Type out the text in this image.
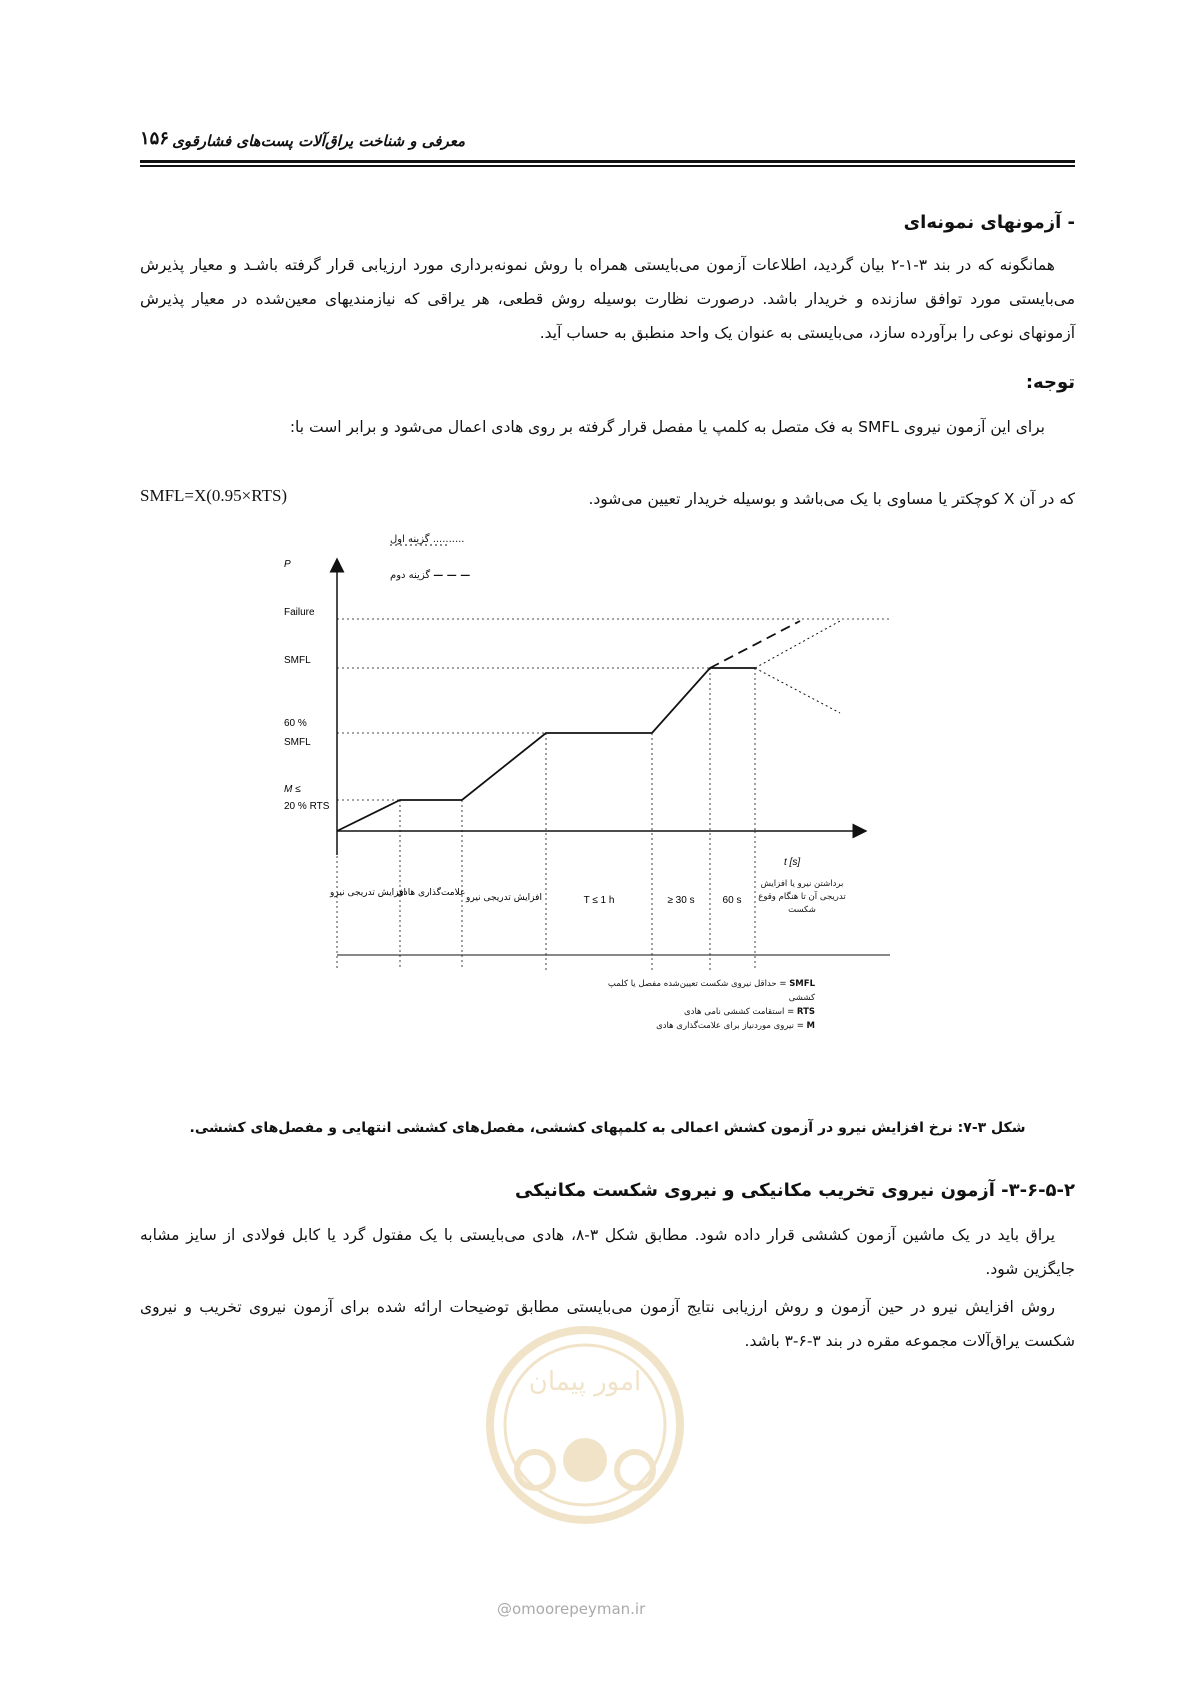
معرفی و شناخت یراق‌آلات پست‌های فشارقوی
۱۵۶
- آزمونهای نمونه‌ای
همانگونه که در بند ۳-۱-۲ بیان گردید، اطلاعات آزمون می‌بایستی همراه با روش نمونه‌برداری مورد ارزیابی قرار گرفته باشـد و معیار پذیرش می‌بایستی مورد توافق سازنده و خریدار باشد. درصورت نظارت بوسیله روش قطعی، هر یراقی که نیازمندیهای معین‌شده در معیار پذیرش آزمونهای نوعی را برآورده سازد، می‌بایستی به عنوان یک واحد منطبق به حساب آید.
توجه:
برای این آزمون نیروی SMFL به فک متصل به کلمپ یا مفصل قرار گرفته بر روی هادی اعمال می‌شود و برابر است با:
SMFL=X(0.95×RTS)	که در آن X کوچکتر یا مساوی با یک می‌باشد و بوسیله خریدار تعیین می‌شود.
P
Failure
SMFL
60 %
SMFL
M ≤
20 % RTS
t [s]
افزایش تدریجی نیرو
علامت‌گذاری هادی افزایش تدریجی نیرو	T ≤ 1 h	≥ 30 s	60 s
.......... گزینه اول
— — — گزینه دوم
برداشتن نیرو یا افزایش تدریجی آن تا هنگام وقوع شکست
SMFL = حداقل نیروی شکست تعیین‌شده مفصل یا کلمپ کششی
RTS = استقامت کششی نامی هادی
M = نیروی موردنیاز برای علامت‌گذاری هادی
شکل ۳-۷: نرخ افزایش نیرو در آزمون کشش اعمالی به کلمپهای کششی، مفصل‌های کششی انتهایی و مفصل‌های کششی.
۳-۶-۵-۲- آزمون نیروی تخریب مکانیکی و نیروی شکست مکانیکی
یراق باید در یک ماشین آزمون کششی قرار داده شود. مطابق شکل ۳-۸، هادی می‌بایستی با یک مفتول گرد یا کابل فولادی از سایز مشابه جایگزین شود.
روش افزایش نیرو در حین آزمون و روش ارزیابی نتایج آزمون می‌بایستی مطابق توضیحات ارائه شده برای آزمون نیروی تخریب و نیروی شکست یراق‌آلات مجموعه مقره در بند ۳-۶-۳ باشد.
امور پیمان
@omoorepeyman.ir
